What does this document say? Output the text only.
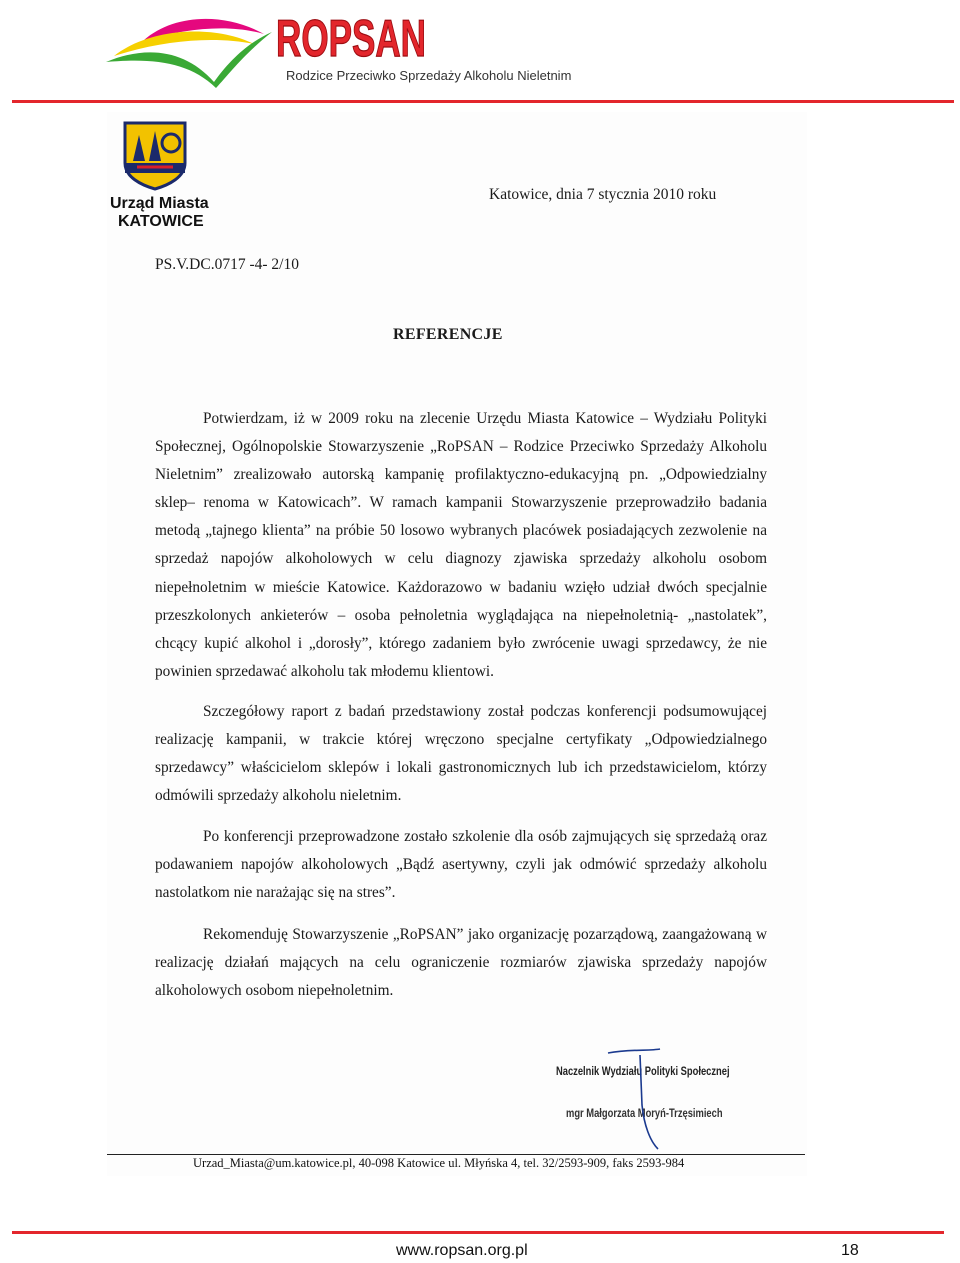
ROPSAN
Rodzice Przeciwko Sprzedaży Alkoholu Nieletnim
Urząd Miasta
KATOWICE
Katowice, dnia 7 stycznia 2010 roku
PS.V.DC.0717 -4- 2/10
REFERENCJE
Potwierdzam, iż w 2009 roku na zlecenie Urzędu Miasta Katowice – Wydziału Polityki Społecznej, Ogólnopolskie Stowarzyszenie „RoPSAN – Rodzice Przeciwko Sprzedaży Alkoholu Nieletnim” zrealizowało autorską kampanię profilaktyczno-edukacyjną pn. „Odpowiedzialny sklep– renoma w Katowicach”. W ramach kampanii Stowarzyszenie przeprowadziło badania metodą „tajnego klienta” na próbie 50 losowo wybranych placówek posiadających zezwolenie na sprzedaż napojów alkoholowych w celu diagnozy zjawiska sprzedaży alkoholu osobom niepełnoletnim w mieście Katowice. Każdorazowo w badaniu wzięło udział dwóch specjalnie przeszkolonych ankieterów – osoba pełnoletnia wyglądająca na niepełnoletnią- „nastolatek”, chcący kupić alkohol i „dorosły”, którego zadaniem było zwrócenie uwagi sprzedawcy, że nie powinien sprzedawać alkoholu tak młodemu klientowi.
Szczegółowy raport z badań przedstawiony został podczas konferencji podsumowującej realizację kampanii, w trakcie której wręczono specjalne certyfikaty „Odpowiedzialnego sprzedawcy” właścicielom sklepów i lokali gastronomicznych lub ich przedstawicielom, którzy odmówili sprzedaży alkoholu nieletnim.
Po konferencji przeprowadzone zostało szkolenie dla osób zajmujących się sprzedażą oraz podawaniem napojów alkoholowych „Bądź asertywny, czyli jak odmówić sprzedaży alkoholu nastolatkom nie narażając się na stres”.
Rekomenduję Stowarzyszenie „RoPSAN” jako organizację pozarządową, zaangażowaną w realizację działań mających na celu ograniczenie rozmiarów zjawiska sprzedaży napojów alkoholowych osobom niepełnoletnim.
Naczelnik Wydziału Polityki Społecznej
mgr Małgorzata Moryń-Trzęsimiech
Urzad_Miasta@um.katowice.pl, 40-098 Katowice ul. Młyńska 4, tel. 32/2593-909, faks 2593-984
www.ropsan.org.pl	18
